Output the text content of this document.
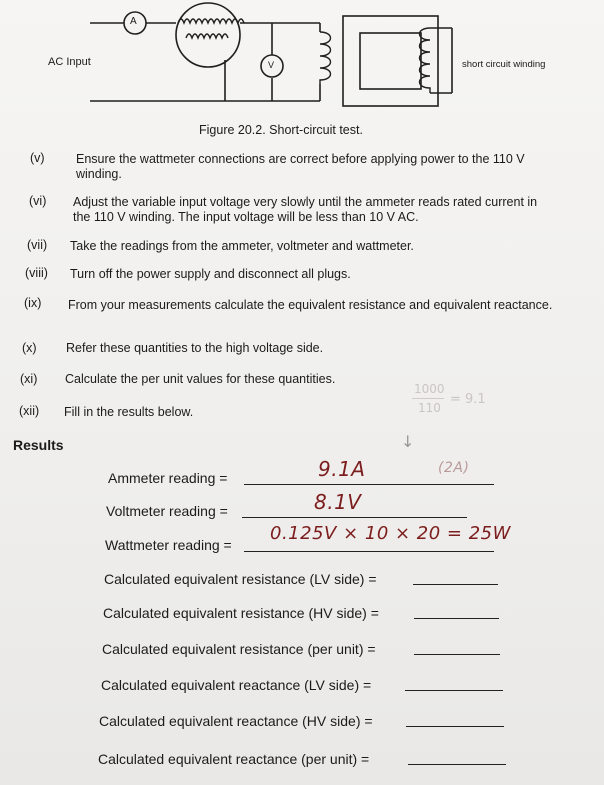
A
V
AC Input	short circuit winding
Figure 20.2. Short-circuit test.
(v)	Ensure the wattmeter connections are correct before applying power to the 110 V winding.
(vi)	Adjust the variable input voltage very slowly until the ammeter reads rated current in the 110 V winding. The input voltage will be less than 10 V AC.
(vii)	Take the readings from the ammeter, voltmeter and wattmeter.
(viii)	Turn off the power supply and disconnect all plugs.
(ix)	From your measurements calculate the equivalent resistance and equivalent reactance.
(x)	Refer these quantities to the high voltage side.
(xi)	Calculate the per unit values for these quantities.
(xii)	Fill in the results below.
1000
110
= 9.1
↓
Results
Ammeter reading =	9.1A	(2A)
Voltmeter reading =	8.1V
Wattmeter reading =
0.125V × 10 × 20 = 25W
Calculated equivalent resistance (LV side) =
Calculated equivalent resistance (HV side) =
Calculated equivalent resistance (per unit) =
Calculated equivalent reactance (LV side) =
Calculated equivalent reactance (HV side) =
Calculated equivalent reactance (per unit) =
